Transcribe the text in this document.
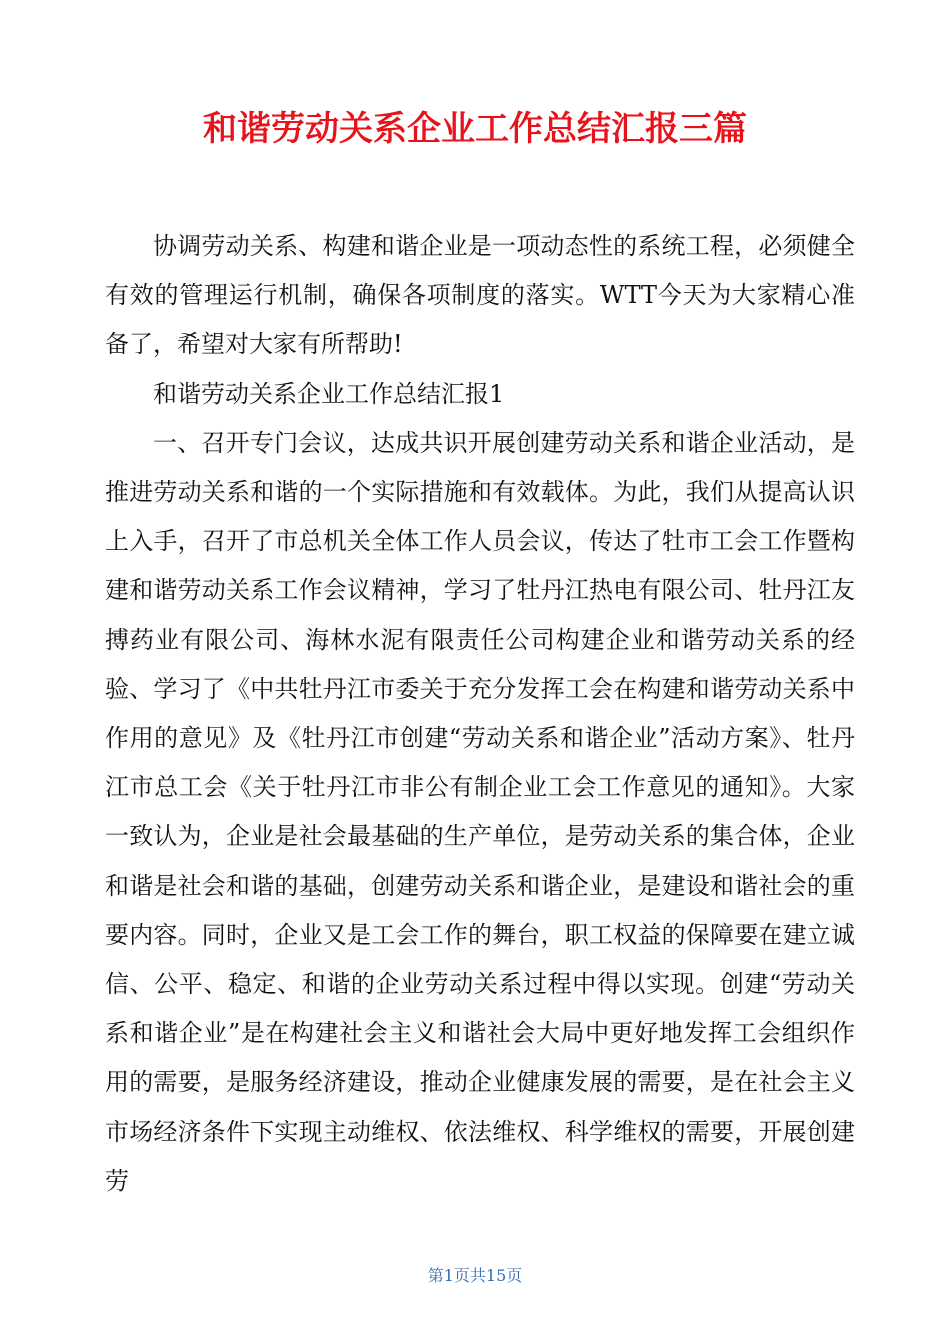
和谐劳动关系企业工作总结汇报三篇

协调劳动关系、构建和谐企业是一项动态性的系统工程，必须健全有效的管理运行机制，确保各项制度的落实。WTT今天为大家精心准备了，希望对大家有所帮助!

和谐劳动关系企业工作总结汇报1

一、召开专门会议，达成共识开展创建劳动关系和谐企业活动，是推进劳动关系和谐的一个实际措施和有效载体。为此，我们从提高认识上入手，召开了市总机关全体工作人员会议，传达了牡市工会工作暨构建和谐劳动关系工作会议精神，学习了牡丹江热电有限公司、牡丹江友搏药业有限公司、海林水泥有限责任公司构建企业和谐劳动关系的经验、学习了《中共牡丹江市委关于充分发挥工会在构建和谐劳动关系中作用的意见》及《牡丹江市创建“劳动关系和谐企业”活动方案》、牡丹江市总工会《关于牡丹江市非公有制企业工会工作意见的通知》。大家一致认为，企业是社会最基础的生产单位，是劳动关系的集合体，企业和谐是社会和谐的基础，创建劳动关系和谐企业，是建设和谐社会的重要内容。同时，企业又是工会工作的舞台，职工权益的保障要在建立诚信、公平、稳定、和谐的企业劳动关系过程中得以实现。创建“劳动关系和谐企业”是在构建社会主义和谐社会大局中更好地发挥工会组织作用的需要，是服务经济建设，推动企业健康发展的需要，是在社会主义市场经济条件下实现主动维权、依法维权、科学维权的需要，开展创建劳

第1页共15页
